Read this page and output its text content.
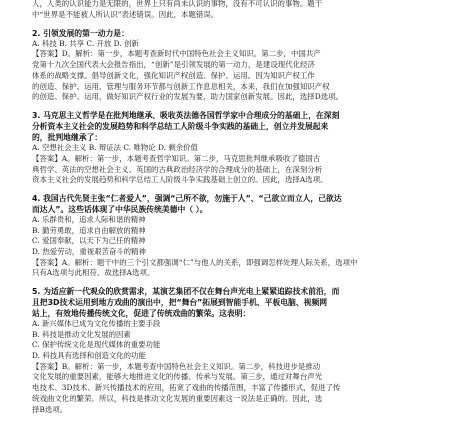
人，人类的认识能力是无限的，世界上只有尚未认识的事物，没有不可认识的事物。题干
中“世界是不能被人所认识”表述错误。因此，本题错误。
2. 引领发展的第一动力是：
A. 科技 B. 共享 C. 开放 D. 创新
【答案】D。解析：第一步，本题考查新时代中国特色社会主义知识。第二步，中国共产
党第十九次全国代表大会报告指出，“创新”是引领发展的第一动力，是建设现代化经济
体系的战略支撑。倡导创新文化，强化知识产权创造、保护、运用。因为知识产权工作
的创造、保护、运用、管理与服务环节都与创新工作息息相关，本来，我们在加强知识产权
的创造、保护、运用，做好知识产权行业的发展为要，助力国家创新发展。因此，选择D选项。
3. 马克思主义哲学是在批判地继承、吸收英法德各国哲学家中合理成分的基础上，在深刻
分析资本主义社会的发展趋势和科学总结工人阶级斗争实践的基础上，创立并发展起来
的，批判地继承了：
A. 空想社会主义 B. 辩证法 C. 唯物论 D. 剩余价值
【答案】A。解析：第一步，本题考查哲学知识。第二步，马克思批判继承吸收了德国古
典哲学、英法的空想社会主义、英国的古典政治经济学的合理成分的基础上，在深刻分析
资本主义社会的发展趋势和科学总结工人阶级斗争实践基础上创立的。因此，选择A选项。
4. 我国古代先贤主张“仁者爱人”，强调“己所不欲，勿施于人”、“己欲立而立人，己欲达
而达人”。这些话体现了中华民族传统美德中（ ）。
A. 乐群贵和，追求人际和谐的精神
B. 勤劳勇敢，追求自由解放的精神
C. 爱国奉献，以天下为己任的精神
D. 热爱劳动，重视艰苦奋斗的精神
【答案】A。解析：题干中的三个引文都强调“仁”与他人的关系，即强调怎样处理人际关系，选项中
只有A选项与此相符。故选择A选项。
5. 为适应新一代观众的欣赏需求，某演艺集团不仅在舞台声光电上紧紧追踪技术前沿，而
且把3D技术运用到地方戏曲的演出中，把“舞台”拓展到智能手机、平板电脑、视频网
站上，有效地传播传统文化，促进了传统戏曲的繁荣。这表明：
A. 新兴媒体已成为文化传播的主要手段
B. 科技是推动文化发展的因素
C. 保护传统文化是现代媒体的重要功能
D. 科技具有选择和创造文化的功能
【答案】B。解析：第一步，本题考查中国特色社会主义知识。第二步，科技进步是推动
文化发展的重要因素，能够大地推进文化的传播、传承与发展。第三步，通过对舞台声光
电技术、3D技术、新兴传播技术的应用，拓宽了戏曲的传播范围，丰富了传播形式，促进了传
统戏曲文化的繁荣。所以，科技是推动文化发展的重要因素这一说法是正确的。因此，选
择B选项。
